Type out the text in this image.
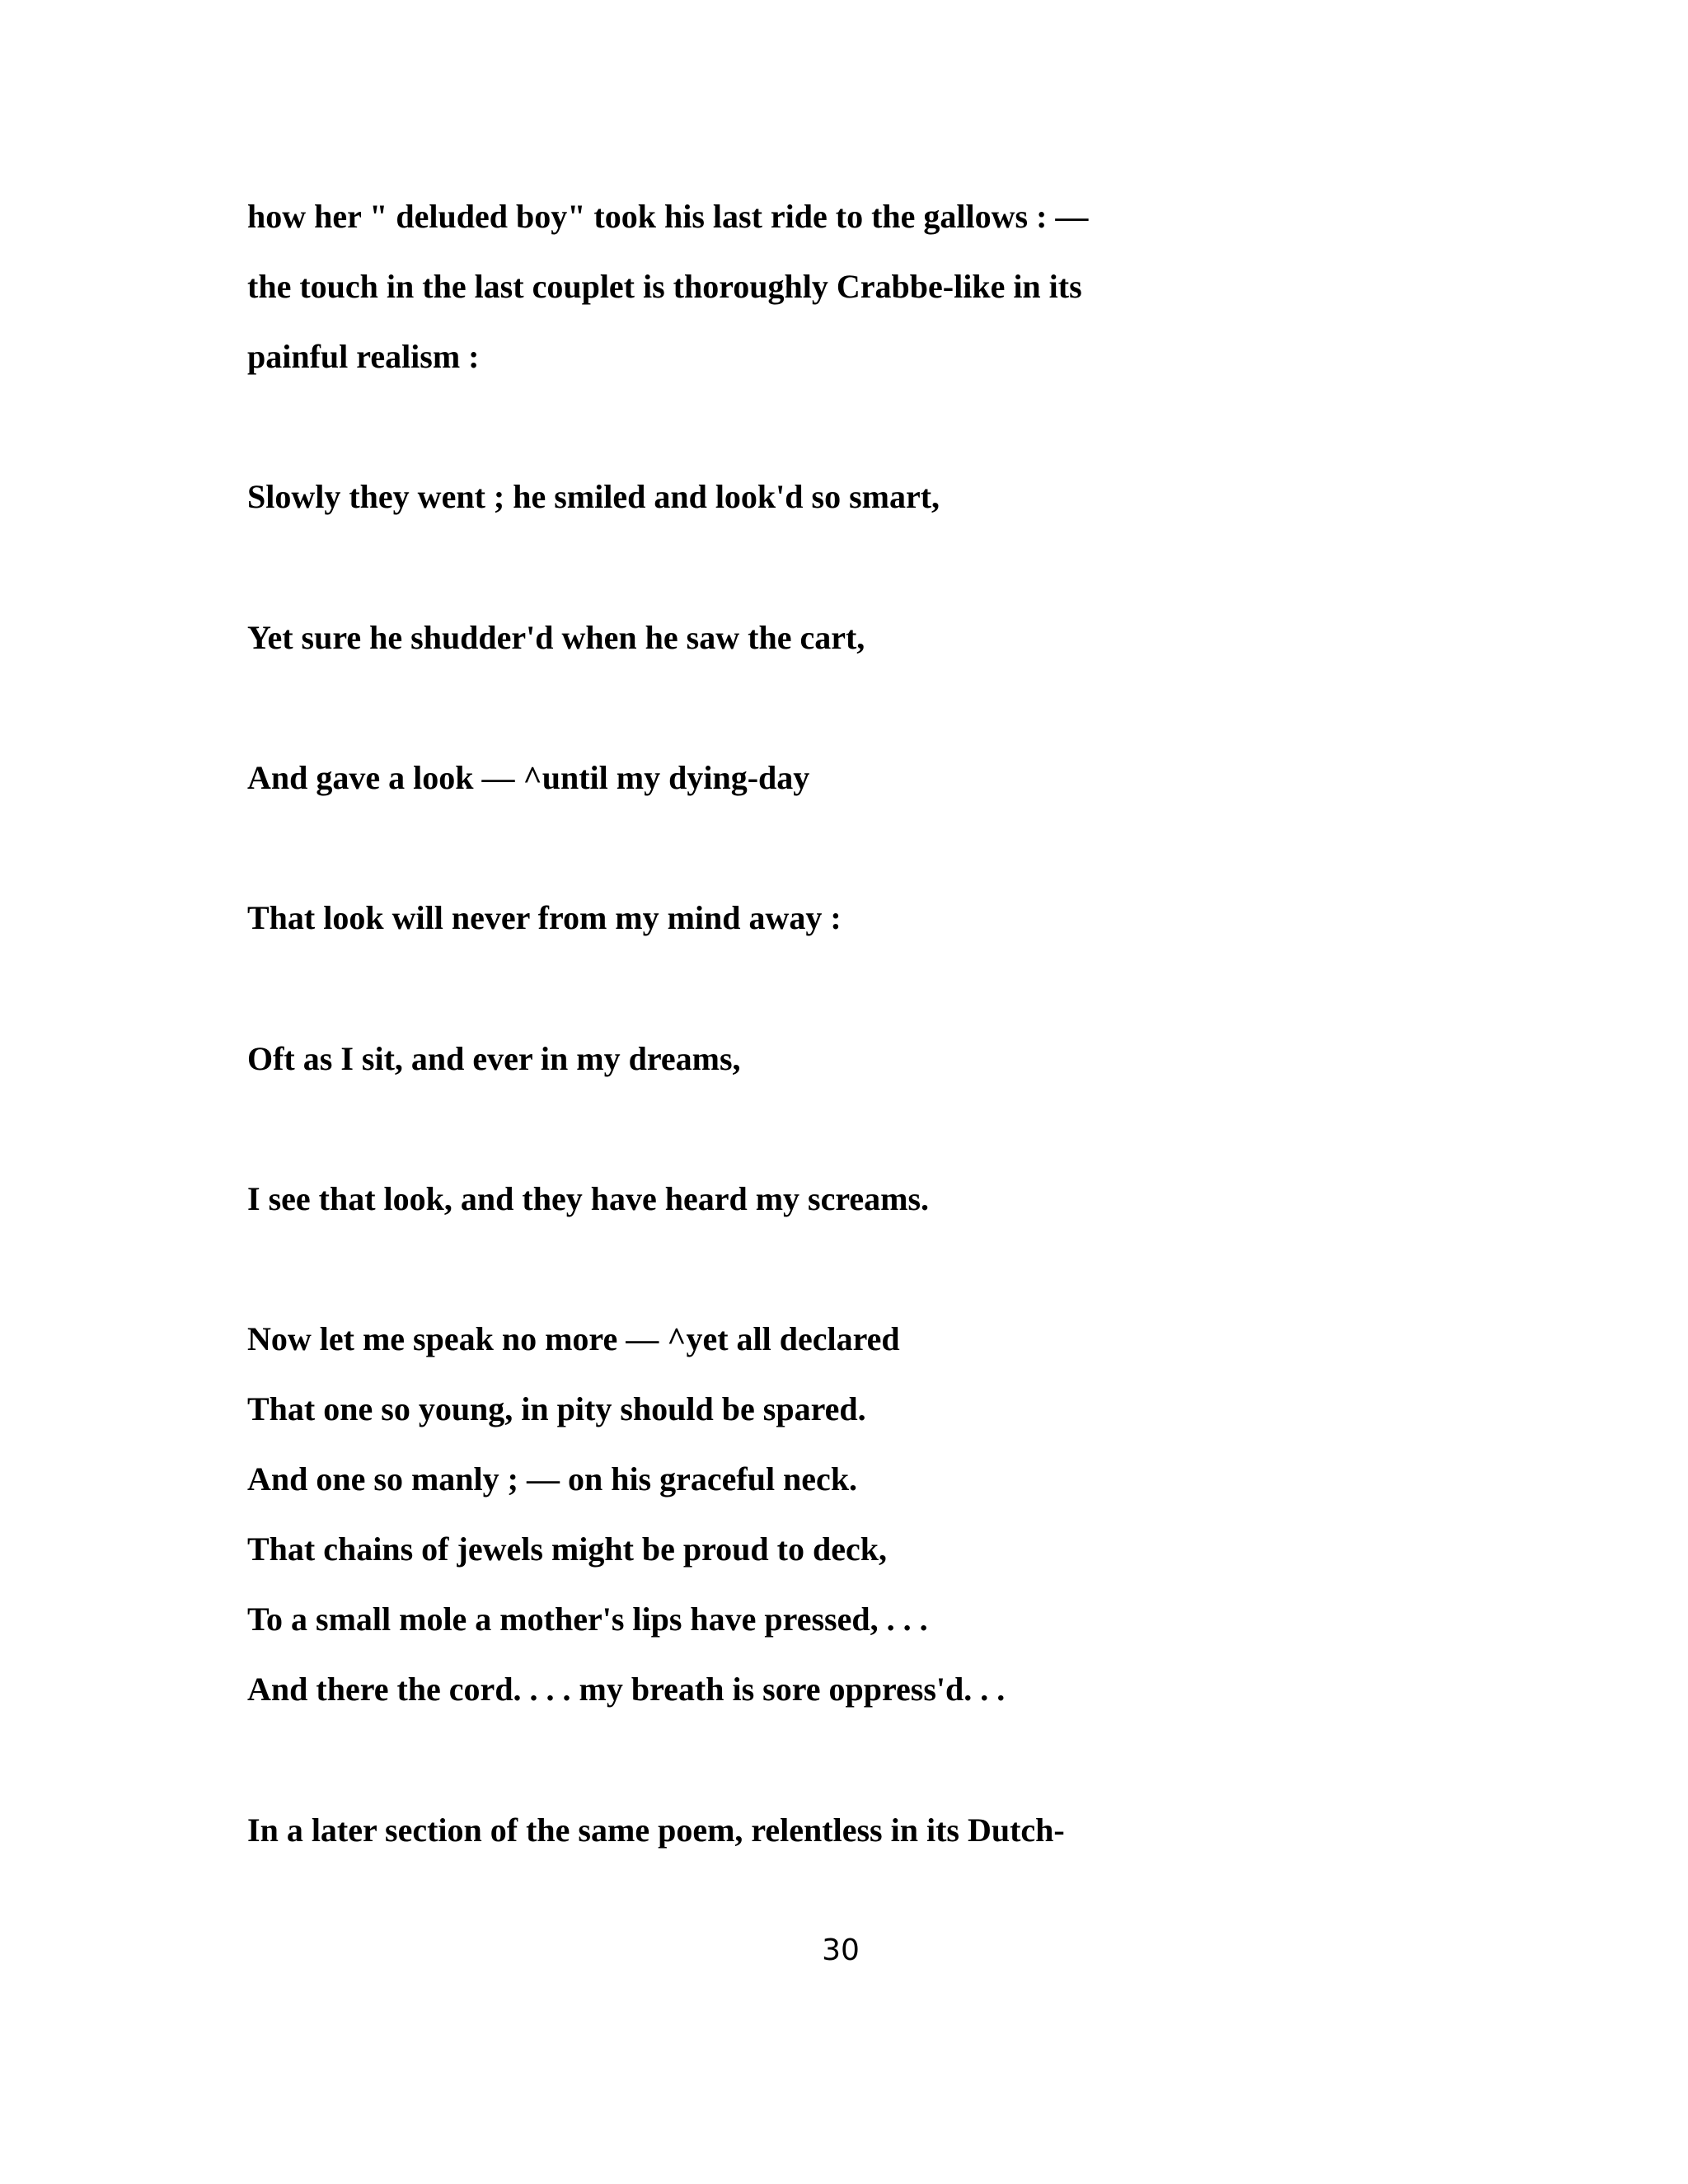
how her " deluded boy" took his last ride to the gallows : —
the touch in the last couplet is thoroughly Crabbe-like in its
painful realism :
Slowly they went ; he smiled and look'd so smart,
Yet sure he shudder'd when he saw the cart,
And gave a look — ^until my dying-day
That look will never from my mind away :
Oft as I sit, and ever in my dreams,
I see that look, and they have heard my screams.
Now let me speak no more — ^yet all declared
That one so young, in pity should be spared.
And one so manly ; — on his graceful neck.
That chains of jewels might be proud to deck,
To a small mole a mother's lips have pressed, . . .
And there the cord. . . . my breath is sore oppress'd. . .
In a later section of the same poem, relentless in its Dutch-
30
